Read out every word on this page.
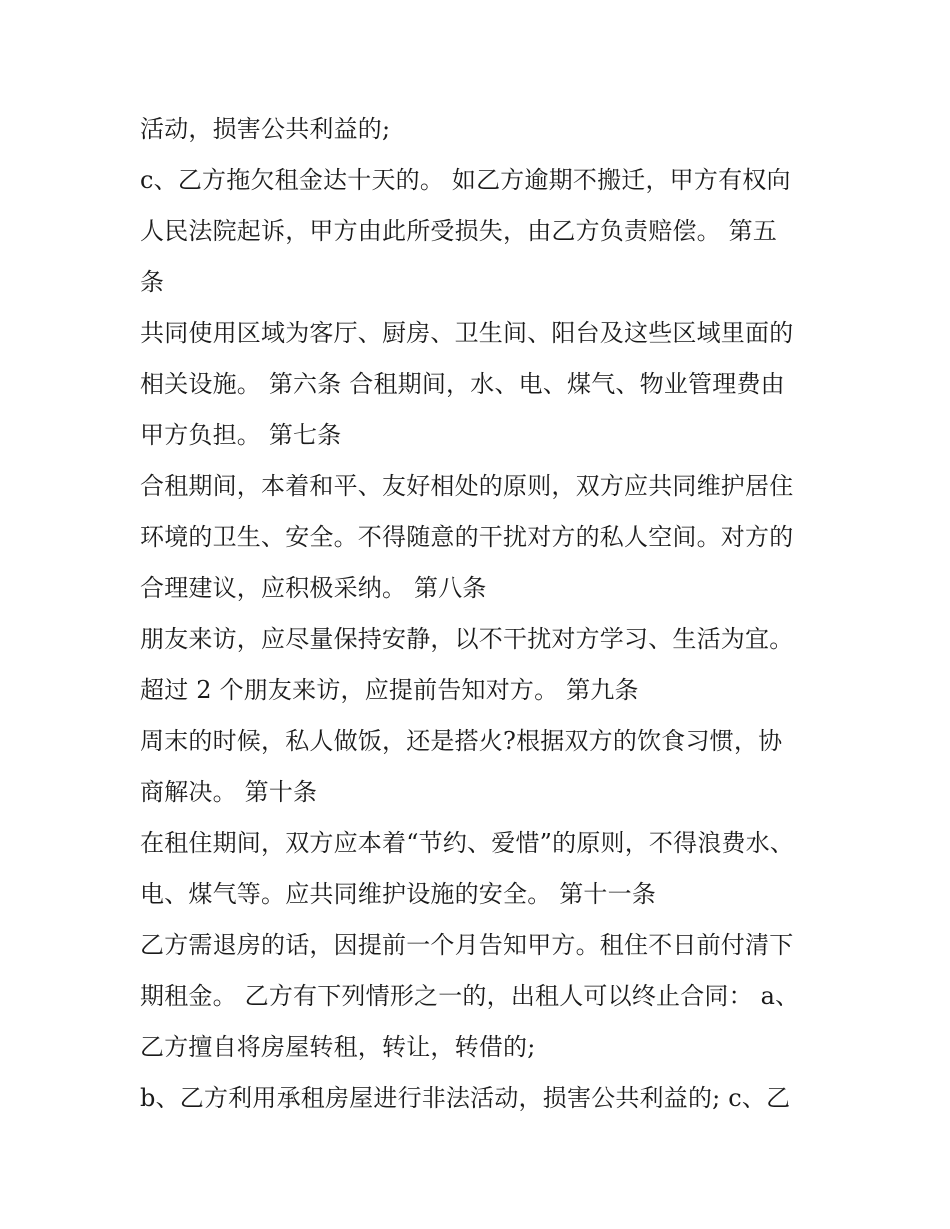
活动，损害公共利益的;
c、乙方拖欠租金达十天的。 如乙方逾期不搬迁，甲方有权向
人民法院起诉，甲方由此所受损失，由乙方负责赔偿。 第五
条
共同使用区域为客厅、厨房、卫生间、阳台及这些区域里面的
相关设施。 第六条 合租期间，水、电、煤气、物业管理费由
甲方负担。 第七条
合租期间，本着和平、友好相处的原则，双方应共同维护居住
环境的卫生、安全。不得随意的干扰对方的私人空间。对方的
合理建议，应积极采纳。 第八条
朋友来访，应尽量保持安静，以不干扰对方学习、生活为宜。
超过 2 个朋友来访，应提前告知对方。 第九条
周末的时候，私人做饭，还是搭火?根据双方的饮食习惯，协
商解决。 第十条
在租住期间，双方应本着“节约、爱惜”的原则，不得浪费水、
电、煤气等。应共同维护设施的安全。 第十一条
乙方需退房的话，因提前一个月告知甲方。租住不日前付清下
期租金。 乙方有下列情形之一的，出租人可以终止合同： a、
乙方擅自将房屋转租，转让，转借的;
b、乙方利用承租房屋进行非法活动，损害公共利益的; c、乙
